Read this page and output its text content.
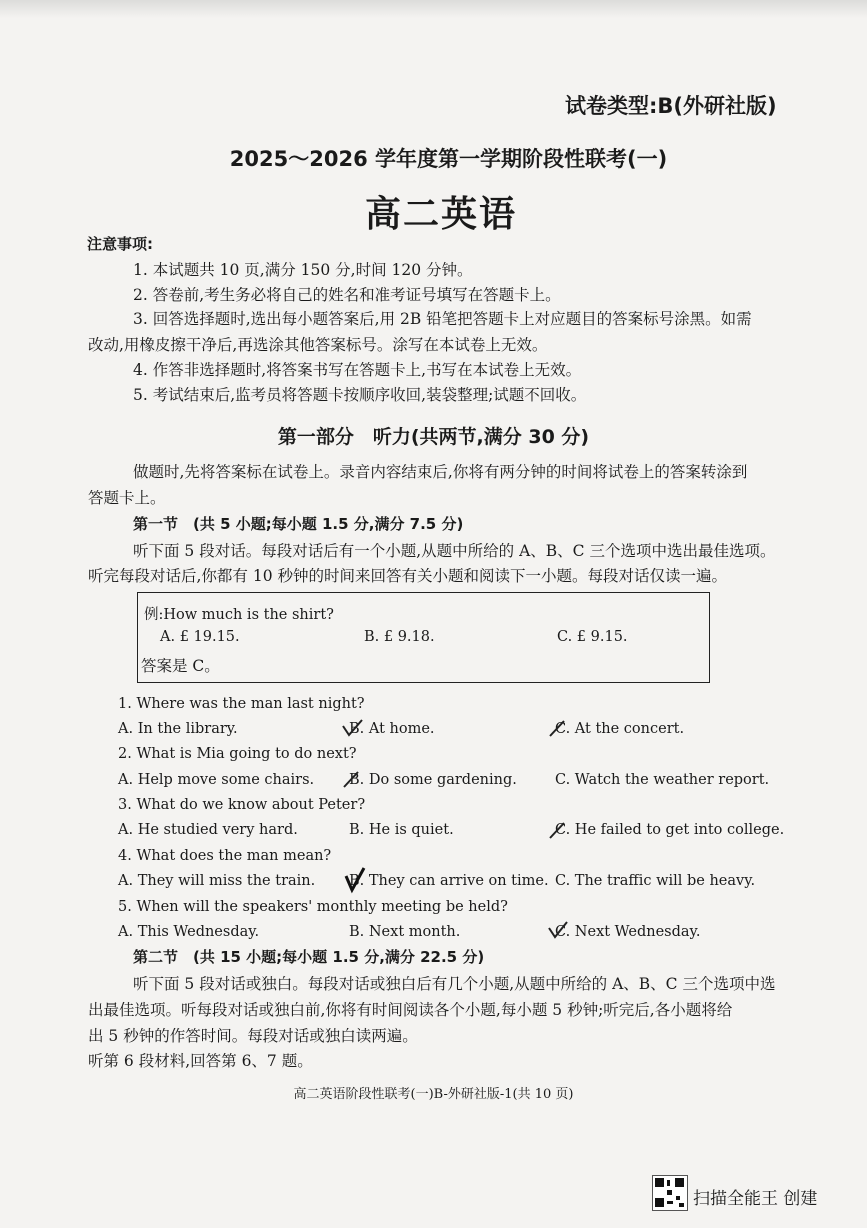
试卷类型:B(外研社版)
2025～2026 学年度第一学期阶段性联考(一)
高二英语
注意事项:
1. 本试题共 10 页,满分 150 分,时间 120 分钟。
2. 答卷前,考生务必将自己的姓名和准考证号填写在答题卡上。
3. 回答选择题时,选出每小题答案后,用 2B 铅笔把答题卡上对应题目的答案标号涂黑。如需
改动,用橡皮擦干净后,再选涂其他答案标号。涂写在本试卷上无效。
4. 作答非选择题时,将答案书写在答题卡上,书写在本试卷上无效。
5. 考试结束后,监考员将答题卡按顺序收回,装袋整理;试题不回收。
第一部分　听力(共两节,满分 30 分)
做题时,先将答案标在试卷上。录音内容结束后,你将有两分钟的时间将试卷上的答案转涂到
答题卡上。
第一节　(共 5 小题;每小题 1.5 分,满分 7.5 分)
听下面 5 段对话。每段对话后有一个小题,从题中所给的 A、B、C 三个选项中选出最佳选项。
听完每段对话后,你都有 10 秒钟的时间来回答有关小题和阅读下一小题。每段对话仅读一遍。
例:How much is the shirt?
A. £ 19.15.	B. £ 9.18.	C. £ 9.15.
答案是 C。
1. Where was the man last night?
A. In the library.	B. At home.	C. At the concert.
2. What is Mia going to do next?
A. Help move some chairs. B. Do some gardening.	C. Watch the weather report.
3. What do we know about Peter?
A. He studied very hard.	B. He is quiet.	C. He failed to get into college.
4. What does the man mean?
A. They will miss the train. B. They can arrive on time. C. The traffic will be heavy.
5. When will the speakers' monthly meeting be held?
A. This Wednesday.	B. Next month.	C. Next Wednesday.
第二节　(共 15 小题;每小题 1.5 分,满分 22.5 分)
听下面 5 段对话或独白。每段对话或独白后有几个小题,从题中所给的 A、B、C 三个选项中选
出最佳选项。听每段对话或独白前,你将有时间阅读各个小题,每小题 5 秒钟;听完后,各小题将给
出 5 秒钟的作答时间。每段对话或独白读两遍。
听第 6 段材料,回答第 6、7 题。
高二英语阶段性联考(一)B-外研社版-1(共 10 页)
扫描全能王 创建
